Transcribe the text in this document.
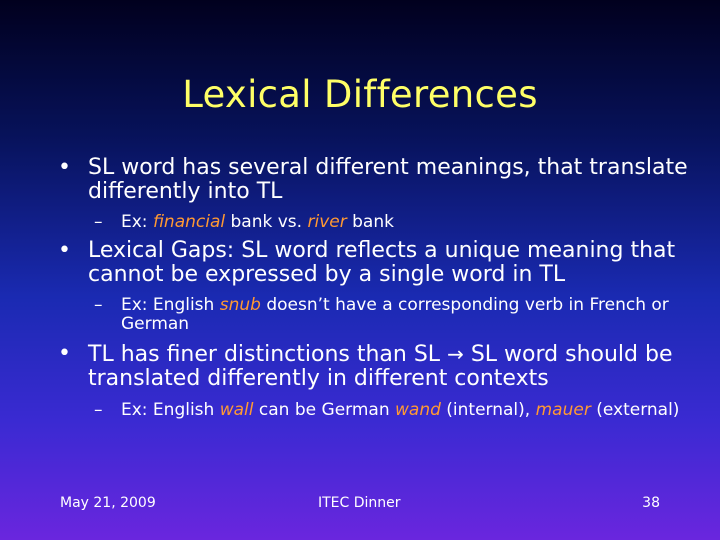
Lexical Differences
• SL word has several different meanings, that translate differently into TL
– Ex: financial bank vs. river bank
• Lexical Gaps: SL word reflects a unique meaning that cannot be expressed by a single word in TL
– Ex: English snub doesn’t have a corresponding verb in French or German
• TL has finer distinctions than SL → SL word should be translated differently in different contexts
– Ex: English wall can be German wand (internal), mauer (external)
May 21, 2009	ITEC Dinner	38
